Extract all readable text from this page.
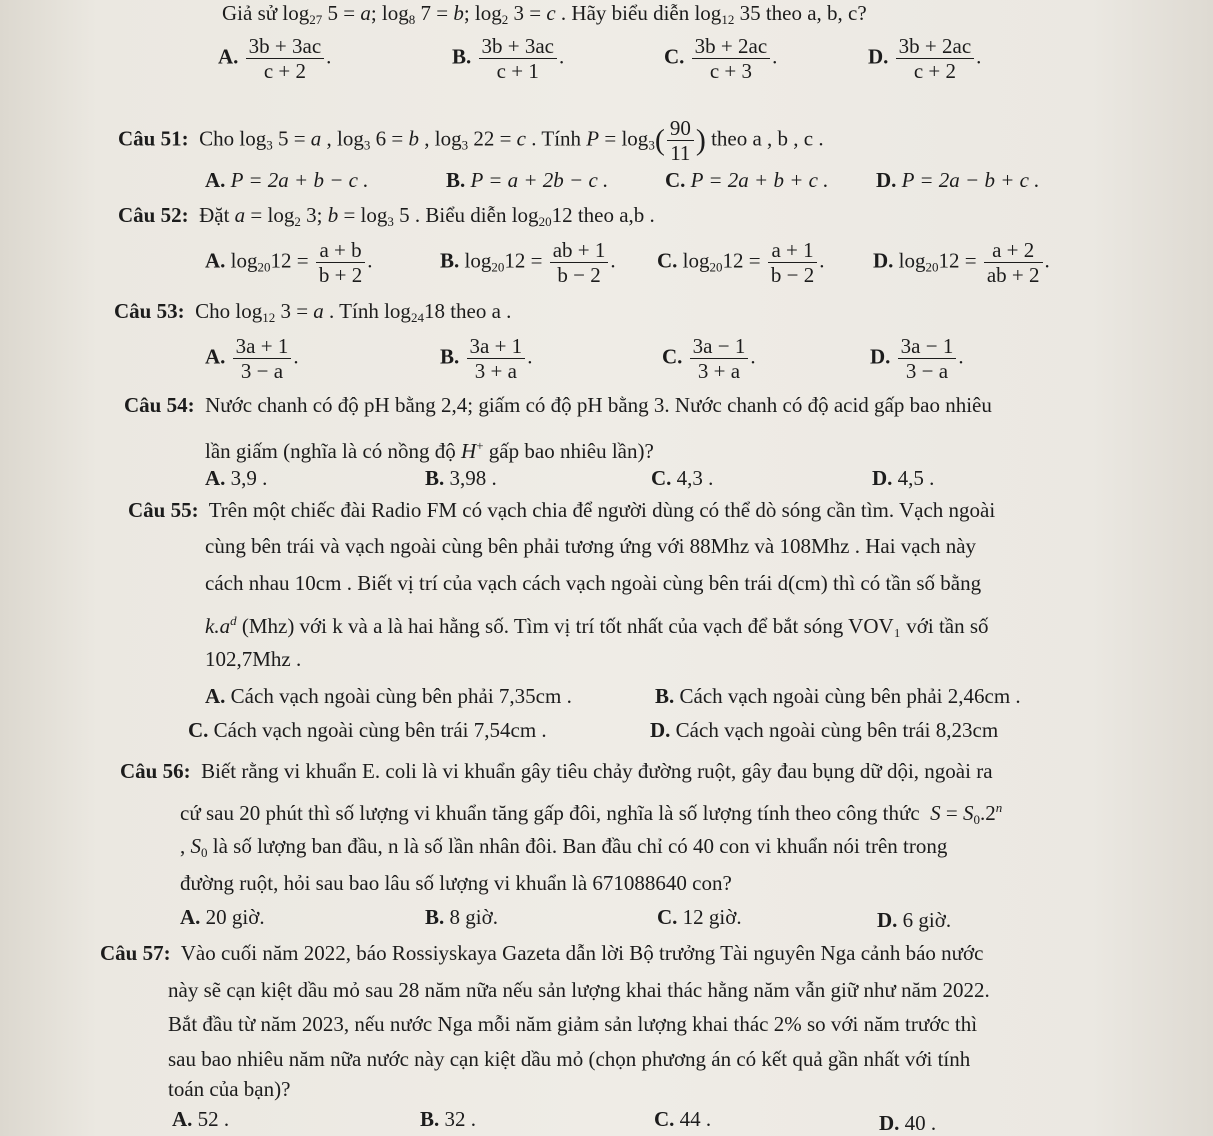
Giả sử $\log_{27} 5 = a$; $\log_8 7 = b$; $\log_2 3 = c$ . Hãy biểu diễn $\log_{12} 35$ theo a, b, c?
A. $\frac{3b + 3ac}{c + 2}$ .	B. $\frac{3b + 3ac}{c + 1}$ .	C. $\frac{3b + 2ac}{c + 3}$ .	D. $\frac{3b + 2ac}{c + 2}$ .
Câu 51: Cho $\log_3 5 = a$ , $\log_3 6 = b$ , $\log_3 22 = c$ . Tính $P = \log_3( \frac{90}{11}$ ) theo a , b , c .
A. P = 2a + b − c .	B. P = a + 2b − c .	C. P = 2a + b + c . D. P = 2a − b + c .
Câu 52: Đặt $a = \log_2 3$; $b = \log_3 5$ . Biểu diễn $\log_{20}12$ theo a,b .
A. $\log_{20}12 = \frac{a + b}{b + 2}$ .	B. $\log_{20}12 = \frac{ab + 1}{b - 2}$ . C. $\log_{20}12 = \frac{a + 1}{b - 2}$ . D. $\log_{20}12 = \frac{a + 2}{ab + 2}$ .
Câu 53: Cho $\log_{12} 3 = a$ . Tính $\log_{24}18$ theo a .
A. $\frac{3a + 1}{3 - a}$ .	B. $\frac{3a + 1}{3 + a}$ .	C. $\frac{3a - 1}{3 + a}$ .	D. $\frac{3a - 1}{3 - a}$ .
Câu 54: Nước chanh có độ pH bằng 2,4; giấm có độ pH bằng 3. Nước chanh có độ acid gấp bao nhiêu
lần giấm (nghĩa là có nồng độ H+ gấp bao nhiêu lần)?
A. 3,9 .	B. 3,98 .	C. 4,3 .	D. 4,5 .
Câu 55: Trên một chiếc đài Radio FM có vạch chia để người dùng có thể dò sóng cần tìm. Vạch ngoài
cùng bên trái và vạch ngoài cùng bên phải tương ứng với 88Mhz và 108Mhz . Hai vạch này
cách nhau 10cm . Biết vị trí của vạch cách vạch ngoài cùng bên trái d(cm) thì có tần số bằng
$k.a^d$ (Mhz) với k và a là hai hằng số. Tìm vị trí tốt nhất của vạch để bắt sóng VOV₁ với tần số
102,7Mhz .
A. Cách vạch ngoài cùng bên phải 7,35cm .	B. Cách vạch ngoài cùng bên phải 2,46cm .
C. Cách vạch ngoài cùng bên trái 7,54cm .	D. Cách vạch ngoài cùng bên trái 8,23cm
Câu 56: Biết rằng vi khuẩn E. coli là vi khuẩn gây tiêu chảy đường ruột, gây đau bụng dữ dội, ngoài ra
cứ sau 20 phút thì số lượng vi khuẩn tăng gấp đôi, nghĩa là số lượng tính theo công thức $S = S_0.2^n$
, $S_0$ là số lượng ban đầu, n là số lần nhân đôi. Ban đầu chỉ có 40 con vi khuẩn nói trên trong
đường ruột, hỏi sau bao lâu số lượng vi khuẩn là 671088640 con?
A. 20 giờ.	B. 8 giờ.	C. 12 giờ.	D. 6 giờ.
Câu 57: Vào cuối năm 2022, báo Rossiyskaya Gazeta dẫn lời Bộ trưởng Tài nguyên Nga cảnh báo nước
này sẽ cạn kiệt dầu mỏ sau 28 năm nữa nếu sản lượng khai thác hằng năm vẫn giữ như năm 2022.
Bắt đầu từ năm 2023, nếu nước Nga mỗi năm giảm sản lượng khai thác 2% so với năm trước thì
sau bao nhiêu năm nữa nước này cạn kiệt dầu mỏ (chọn phương án có kết quả gần nhất với tính
toán của bạn)?
A. 52 .	B. 32 .	C. 44 .	D. 40 .
